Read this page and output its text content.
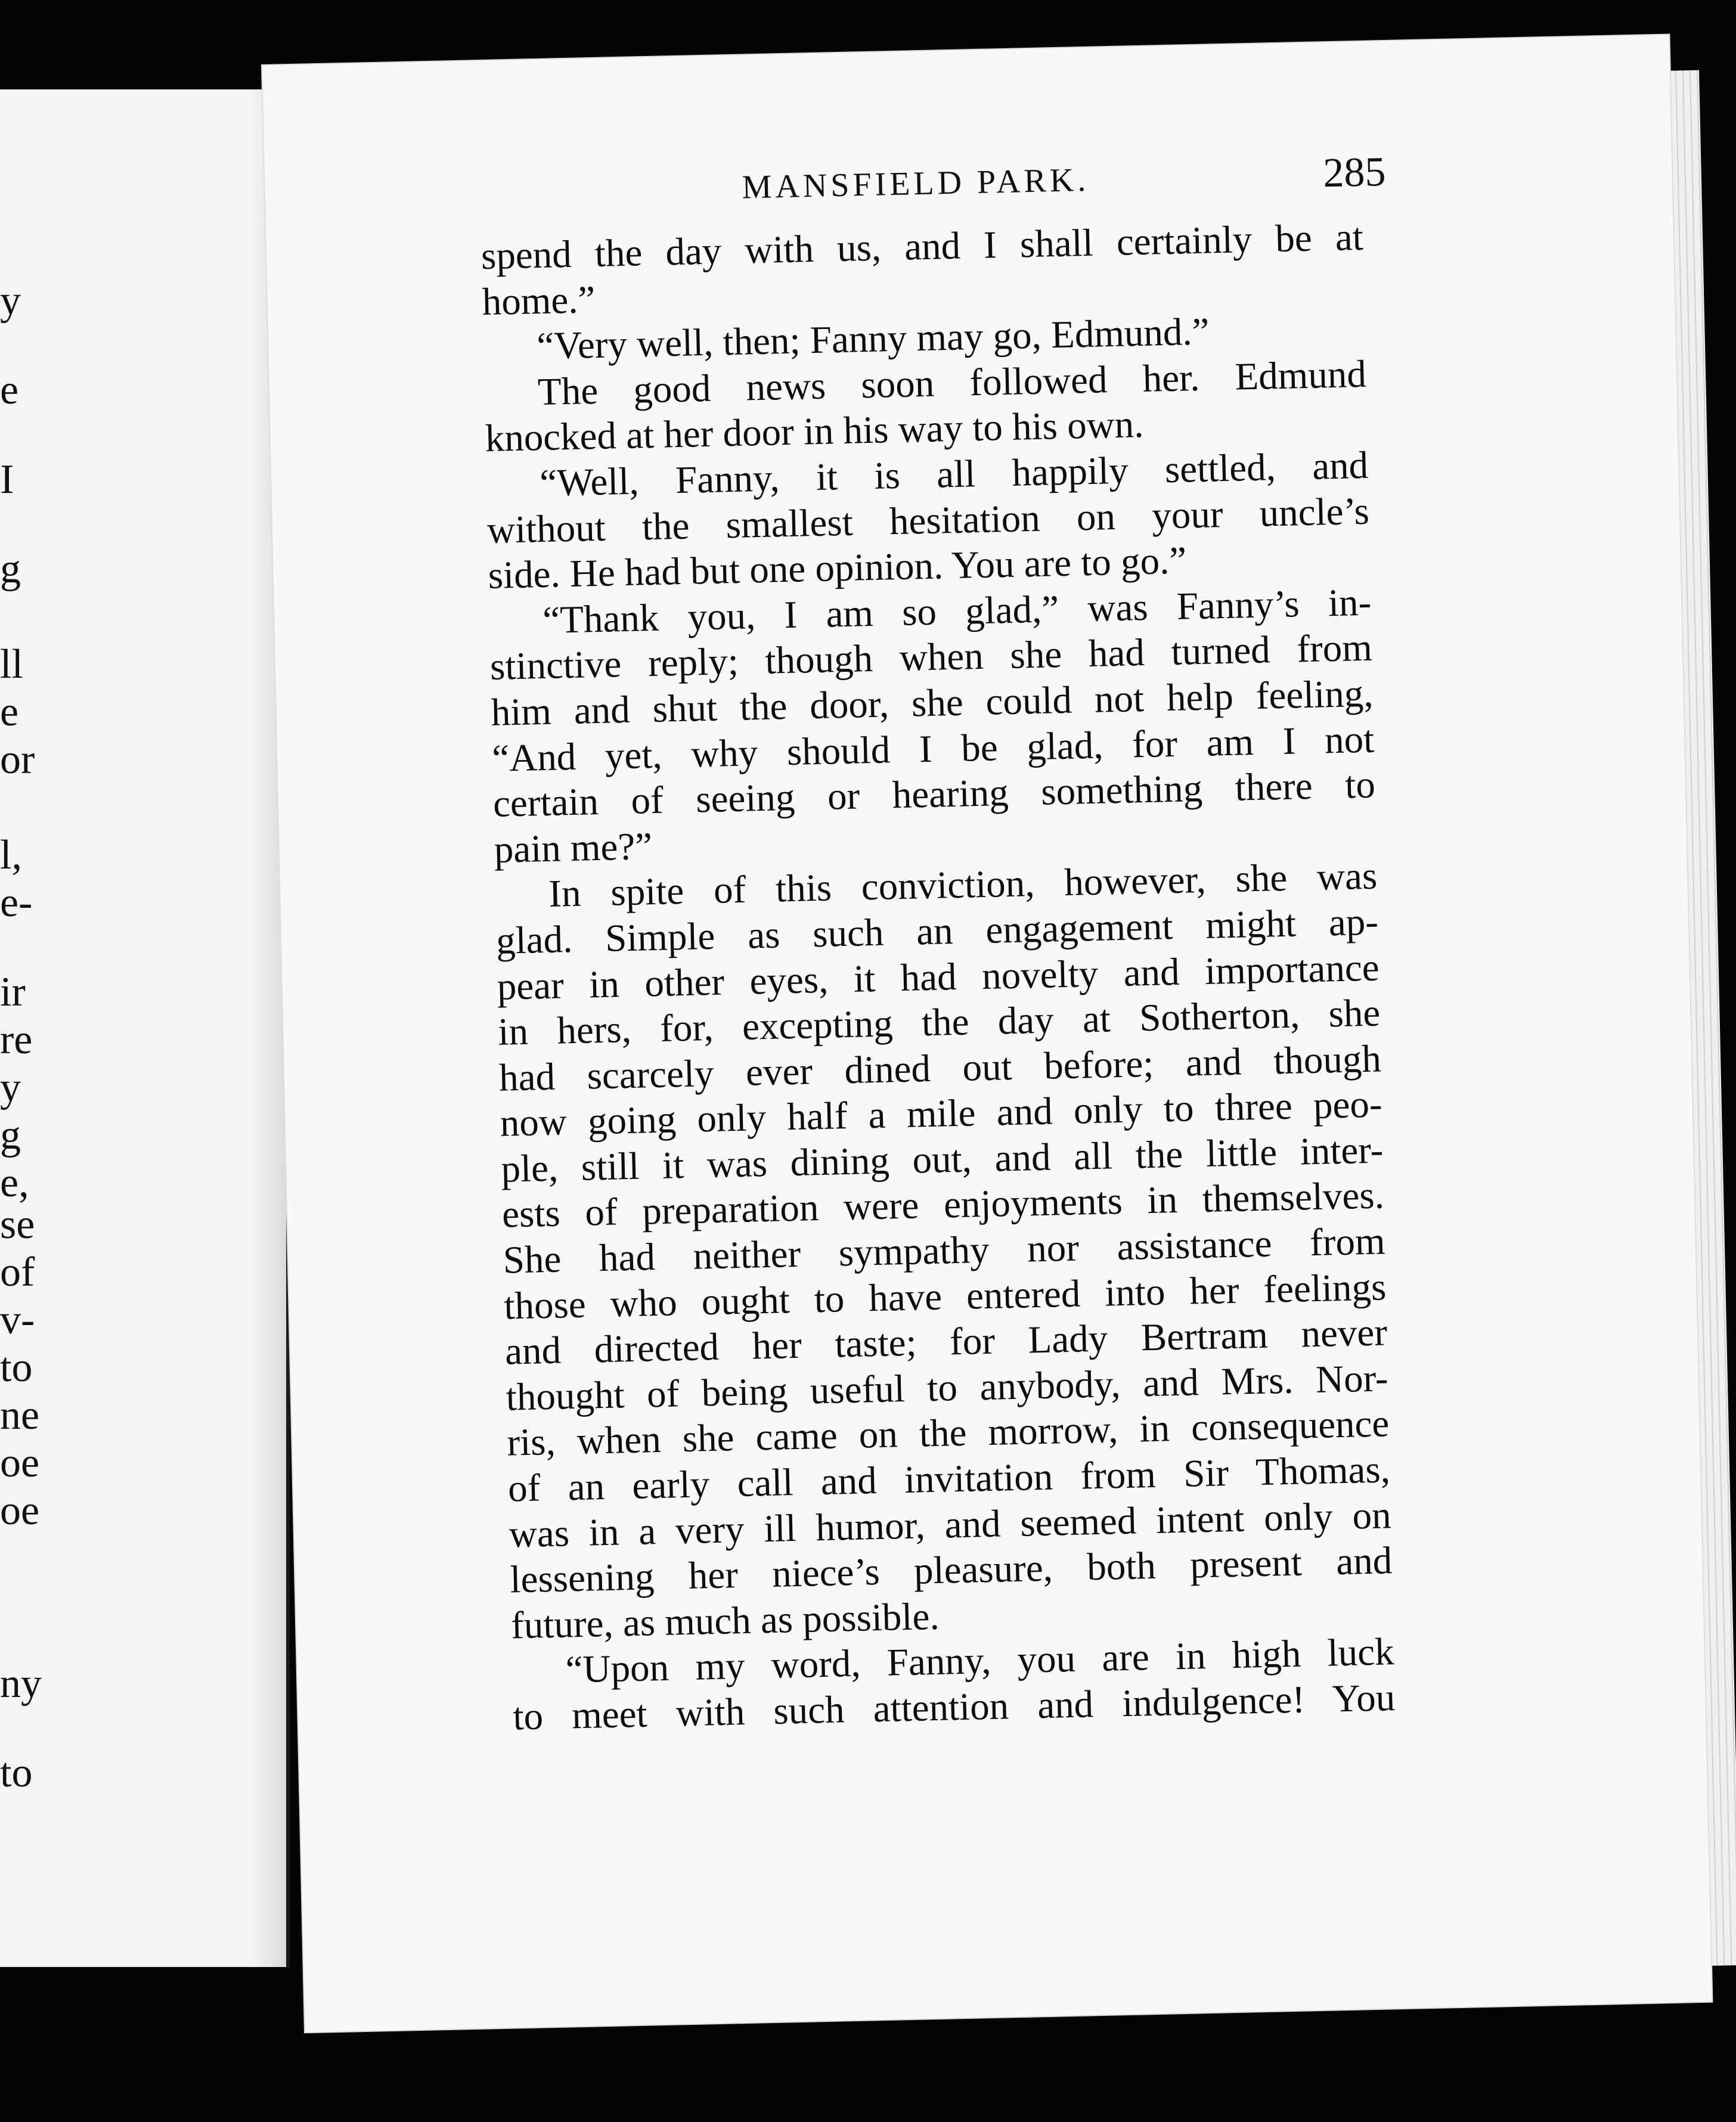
y
e
I
g
ll
e
or
l,
e-
ir
re
y
g
e,
se
of
v-
to
ne
oe
oe
ny
to
MANSFIELD PARK.	285
spend the day with us, and I shall certainly be at
home.”
“Very well, then; Fanny may go, Edmund.”
The good news soon followed her. Edmund
knocked at her door in his way to his own.
“Well, Fanny, it is all happily settled, and
without the smallest hesitation on your uncle’s
side. He had but one opinion. You are to go.”
“Thank you, I am so glad,” was Fanny’s in-
stinctive reply; though when she had turned from
him and shut the door, she could not help feeling,
“And yet, why should I be glad, for am I not
certain of seeing or hearing something there to
pain me?”
In spite of this conviction, however, she was
glad. Simple as such an engagement might ap-
pear in other eyes, it had novelty and importance
in hers, for, excepting the day at Sotherton, she
had scarcely ever dined out before; and though
now going only half a mile and only to three peo-
ple, still it was dining out, and all the little inter-
ests of preparation were enjoyments in themselves.
She had neither sympathy nor assistance from
those who ought to have entered into her feelings
and directed her taste; for Lady Bertram never
thought of being useful to anybody, and Mrs. Nor-
ris, when she came on the morrow, in consequence
of an early call and invitation from Sir Thomas,
was in a very ill humor, and seemed intent only on
lessening her niece’s pleasure, both present and
future, as much as possible.
“Upon my word, Fanny, you are in high luck
to meet with such attention and indulgence! You
